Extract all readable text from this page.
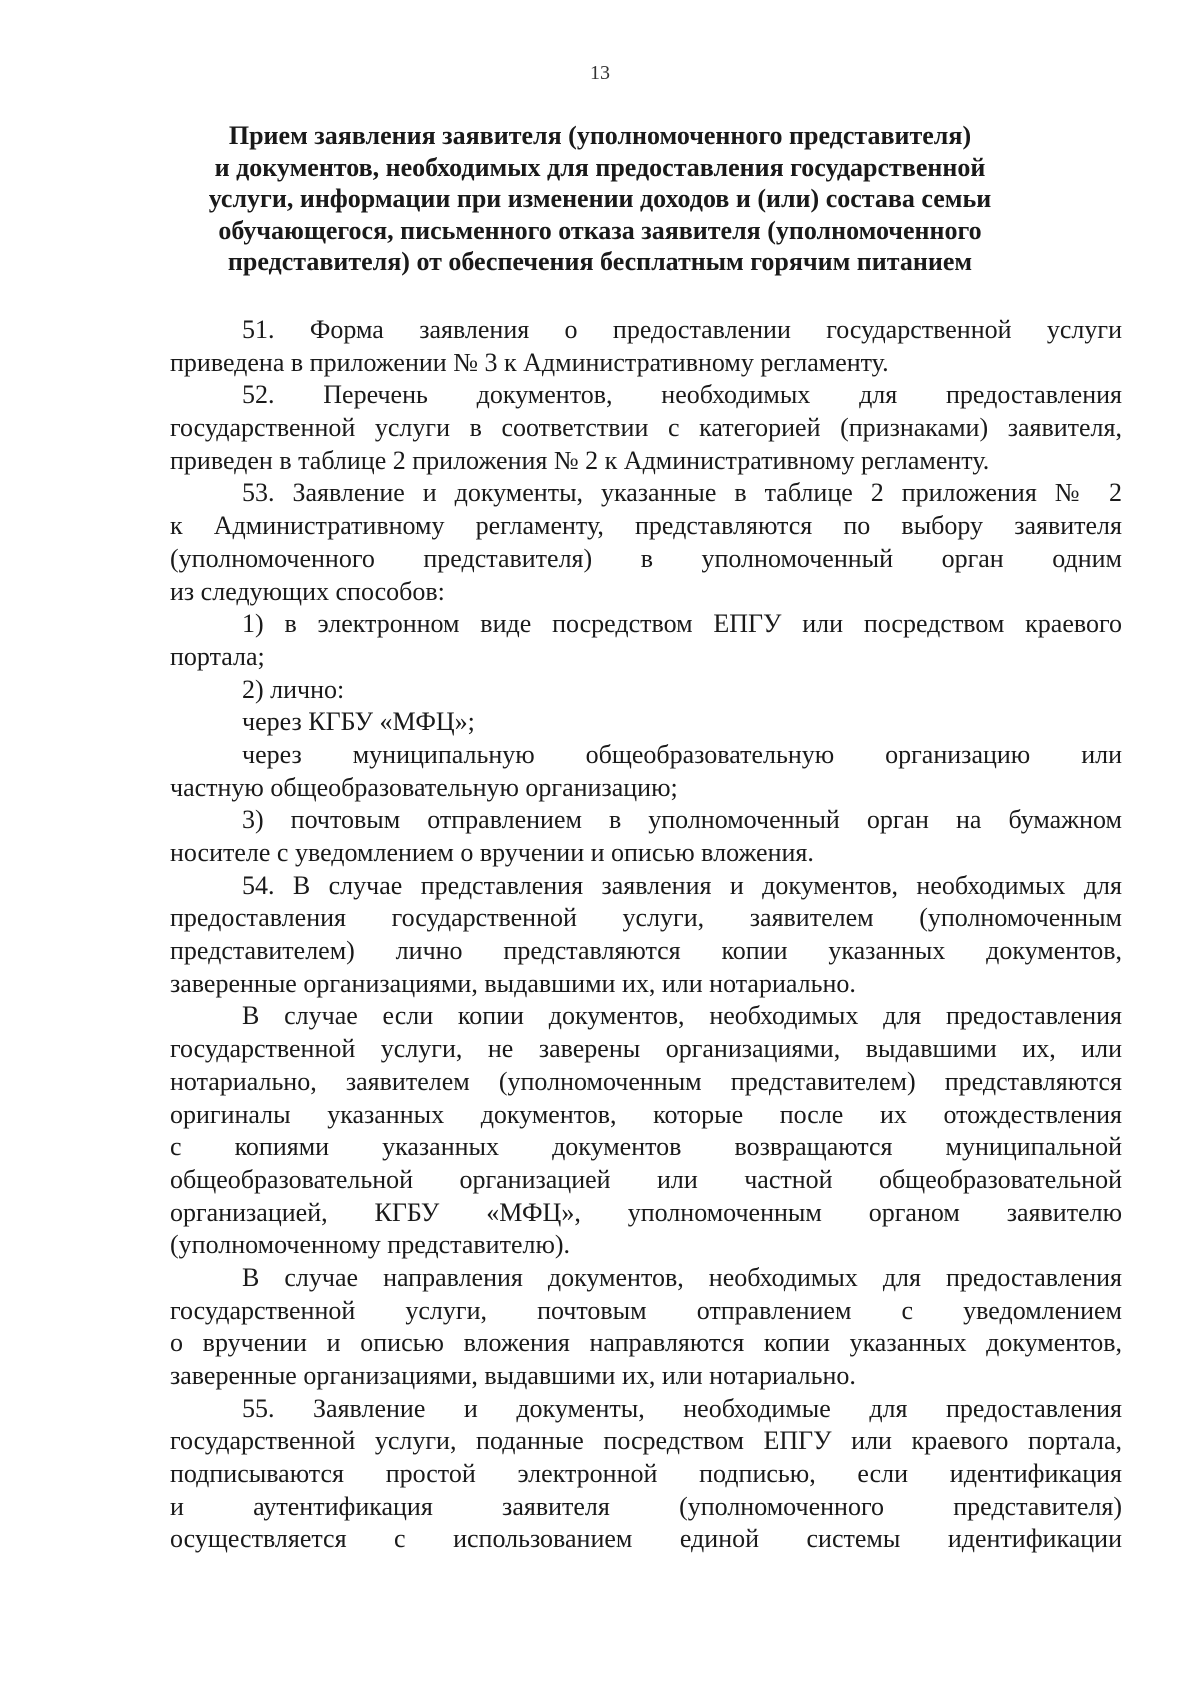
13
Прием заявления заявителя (уполномоченного представителя)
и документов, необходимых для предоставления государственной
услуги, информации при изменении доходов и (или) состава семьи
обучающегося, письменного отказа заявителя (уполномоченного
представителя) от обеспечения бесплатным горячим питанием
51. Форма заявления о предоставлении государственной услуги
приведена в приложении № 3 к Административному регламенту.
52. Перечень документов, необходимых для предоставления
государственной услуги в соответствии с категорией (признаками) заявителя,
приведен в таблице 2 приложения № 2 к Административному регламенту.
53. Заявление и документы, указанные в таблице 2 приложения № 2
к Административному регламенту, представляются по выбору заявителя
(уполномоченного представителя) в уполномоченный орган одним
из следующих способов:
1) в электронном виде посредством ЕПГУ или посредством краевого
портала;
2) лично:
через КГБУ «МФЦ»;
через муниципальную общеобразовательную организацию или
частную общеобразовательную организацию;
3) почтовым отправлением в уполномоченный орган на бумажном
носителе с уведомлением о вручении и описью вложения.
54. В случае представления заявления и документов, необходимых для
предоставления государственной услуги, заявителем (уполномоченным
представителем) лично представляются копии указанных документов,
заверенные организациями, выдавшими их, или нотариально.
В случае если копии документов, необходимых для предоставления
государственной услуги, не заверены организациями, выдавшими их, или
нотариально, заявителем (уполномоченным представителем) представляются
оригиналы указанных документов, которые после их отождествления
с копиями указанных документов возвращаются муниципальной
общеобразовательной организацией или частной общеобразовательной
организацией, КГБУ «МФЦ», уполномоченным органом заявителю
(уполномоченному представителю).
В случае направления документов, необходимых для предоставления
государственной услуги, почтовым отправлением с уведомлением
о вручении и описью вложения направляются копии указанных документов,
заверенные организациями, выдавшими их, или нотариально.
55. Заявление и документы, необходимые для предоставления
государственной услуги, поданные посредством ЕПГУ или краевого портала,
подписываются простой электронной подписью, если идентификация
и аутентификация заявителя (уполномоченного представителя)
осуществляется с использованием единой системы идентификации
